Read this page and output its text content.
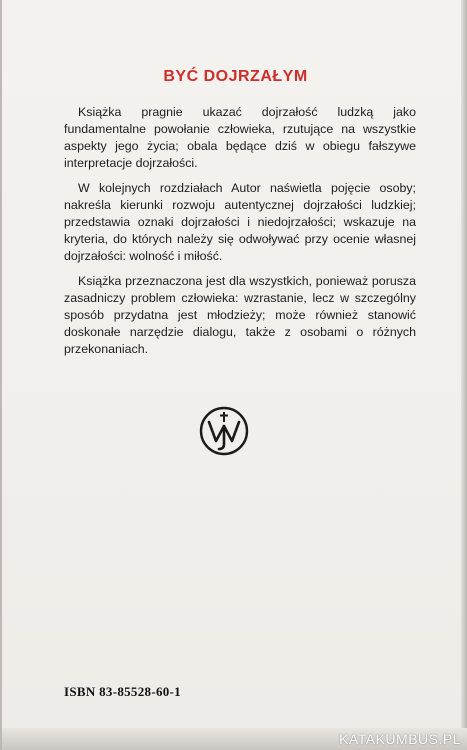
BYĆ DOJRZAŁYM

Książka pragnie ukazać dojrzałość ludzką jako fundamentalne powołanie człowieka, rzutujące na wszystkie aspekty jego życia; obala będące dziś w obiegu fałszywe interpretacje dojrzałości.

W kolejnych rozdziałach Autor naświetla pojęcie osoby; nakreśla kierunki rozwoju autentycznej dojrzałości ludzkiej; przedstawia oznaki dojrzałości i niedojrzałości; wskazuje na kryteria, do których należy się odwoływać przy ocenie własnej dojrzałości: wolność i miłość.

Książka przeznaczona jest dla wszystkich, ponieważ porusza zasadniczy problem człowieka: wzrastanie, lecz w szczególny sposób przydatna jest młodzieży; może również stanowić doskonałe narzędzie dialogu, także z osobami o różnych przekonaniach.

ISBN 83-85528-60-1
KATAKUMBUS.PL
